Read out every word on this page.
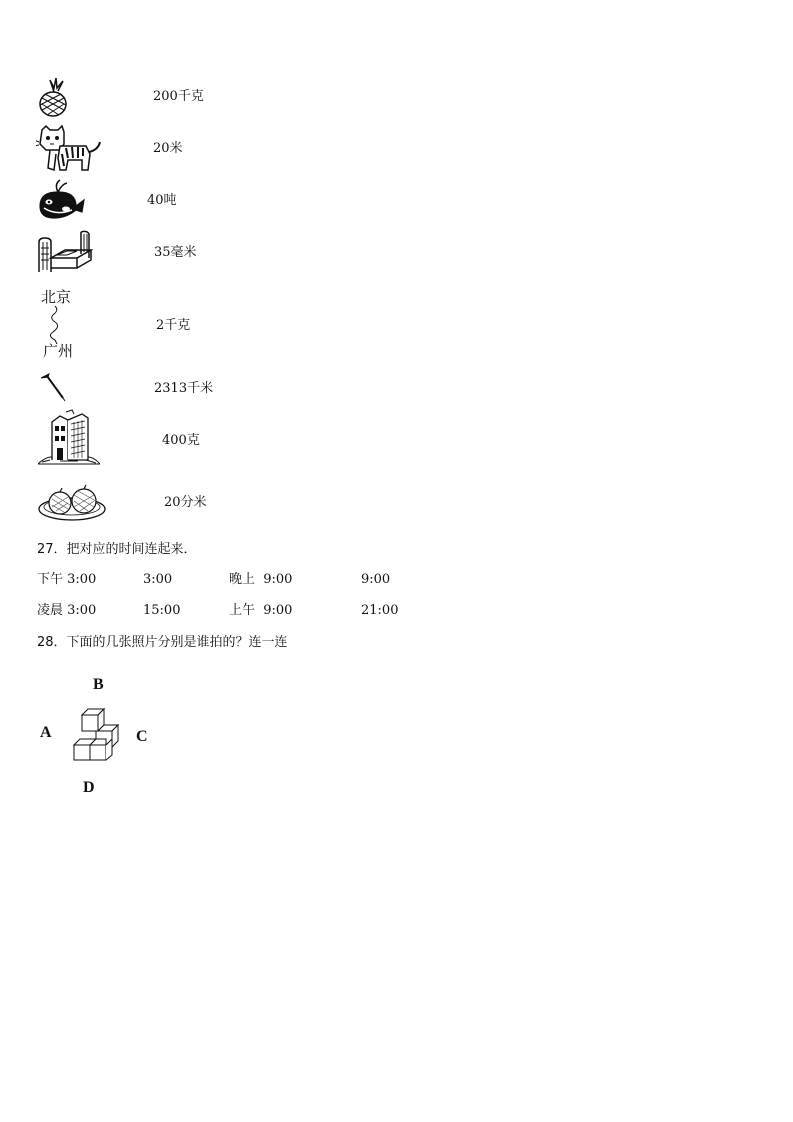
200千克
20米
40吨
35毫米
北京
广州
2千克
2313千米
400克
20分米
27．把对应的时间连起来．
下午 3:00	3:00	晚上  9:00	9:00
凌晨 3:00	15:00	上午  9:00	21:00
28．下面的几张照片分别是谁拍的？连一连
B
A	C
D
